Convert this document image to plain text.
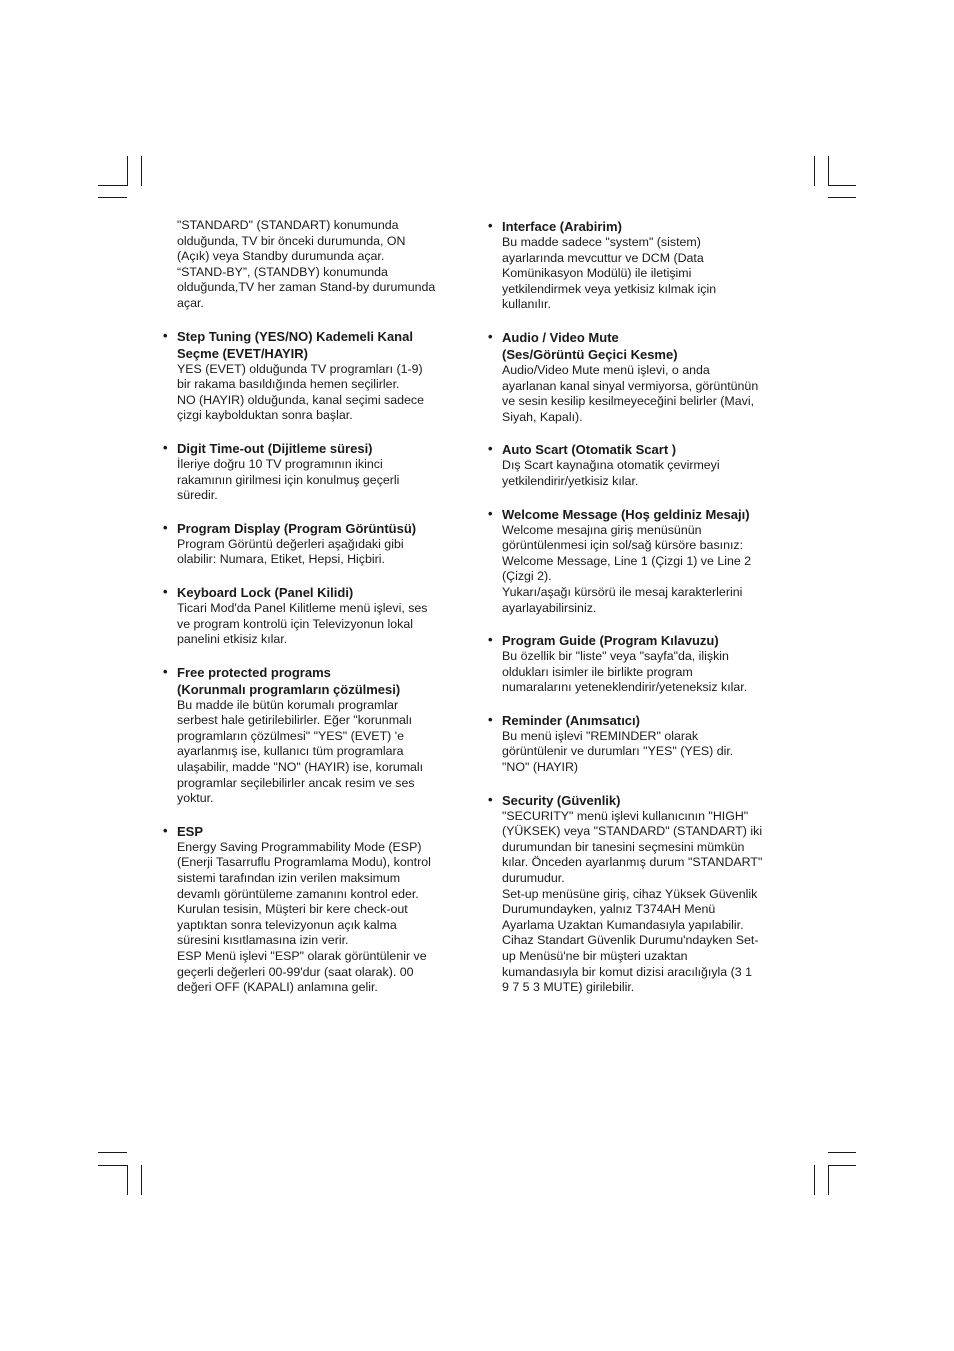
"STANDARD" (STANDART) konumunda
olduğunda, TV bir önceki durumunda, ON
(Açık) veya Standby durumunda açar.
“STAND-BY”, (STANDBY) konumunda
olduğunda,TV her zaman Stand-by durumunda
açar.
• Step Tuning (YES/NO) Kademeli Kanal
Seçme (EVET/HAYIR)
YES (EVET) olduğunda TV programları (1-9)
bir rakama basıldığında hemen seçilirler.
NO (HAYIR) olduğunda, kanal seçimi sadece
çizgi kaybolduktan sonra başlar.
• Digit Time-out (Dijitleme süresi)
İleriye doğru 10 TV programının ikinci
rakamının girilmesi için konulmuş geçerli
süredir.
• Program Display (Program Görüntüsü)
Program Görüntü değerleri aşağıdaki gibi
olabilir: Numara, Etiket, Hepsi, Hiçbiri.
• Keyboard Lock (Panel Kilidi)
Ticari Mod'da Panel Kilitleme menü işlevi, ses
ve program kontrolü için Televizyonun lokal
panelini etkisiz kılar.
• Free protected programs
(Korunmalı programların çözülmesi)
Bu madde ile bütün korumalı programlar
serbest hale getirilebilirler. Eğer "korunmalı
programların çözülmesi" "YES" (EVET) 'e
ayarlanmış ise, kullanıcı tüm programlara
ulaşabilir, madde "NO" (HAYIR) ise, korumalı
programlar seçilebilirler ancak resim ve ses
yoktur.
• ESP
Energy Saving Programmability Mode (ESP)
(Enerji Tasarruflu Programlama Modu), kontrol
sistemi tarafından izin verilen maksimum
devamlı görüntüleme zamanını kontrol eder.
Kurulan tesisin, Müşteri bir kere check-out
yaptıktan sonra televizyonun açık kalma
süresini kısıtlamasına izin verir.
ESP Menü işlevi "ESP" olarak görüntülenir ve
geçerli değerleri 00-99'dur (saat olarak). 00
değeri OFF (KAPALI) anlamına gelir.
• Interface (Arabirim)
Bu madde sadece "system" (sistem)
ayarlarında mevcuttur ve DCM (Data
Komünikasyon Modülü) ile iletişimi
yetkilendirmek veya yetkisiz kılmak için
kullanılır.
• Audio / Video Mute
(Ses/Görüntü Geçici Kesme)
Audio/Video Mute menü işlevi, o anda
ayarlanan kanal sinyal vermiyorsa, görüntünün
ve sesin kesilip kesilmeyeceğini belirler (Mavi,
Siyah, Kapalı).
• Auto Scart (Otomatik Scart )
Dış Scart kaynağına otomatik çevirmeyi
yetkilendirir/yetkisiz kılar.
• Welcome Message (Hoş geldiniz Mesajı)
Welcome mesajına giriş menüsünün
görüntülenmesi için sol/sağ kürsöre basınız:
Welcome Message, Line 1 (Çizgi 1) ve Line 2
(Çizgi 2).
Yukarı/aşağı kürsörü ile mesaj karakterlerini
ayarlayabilirsiniz.
• Program Guide (Program Kılavuzu)
Bu özellik bir "liste" veya "sayfa"da, ilişkin
oldukları isimler ile birlikte program
numaralarını yeteneklendirir/yeteneksiz kılar.
• Reminder (Anımsatıcı)
Bu menü işlevi "REMINDER" olarak
görüntülenir ve durumları "YES" (YES) dir.
"NO" (HAYIR)
• Security (Güvenlik)
"SECURITY" menü işlevi kullanıcının "HIGH"
(YÜKSEK) veya "STANDARD" (STANDART) iki
durumundan bir tanesini seçmesini mümkün
kılar. Önceden ayarlanmış durum "STANDART"
durumudur.
Set-up menüsüne giriş, cihaz Yüksek Güvenlik
Durumundayken, yalnız T374AH Menü
Ayarlama Uzaktan Kumandasıyla yapılabilir.
Cihaz Standart Güvenlik Durumu'ndayken Set-
up Menüsü'ne bir müşteri uzaktan
kumandasıyla bir komut dizisi aracılığıyla (3 1
9 7 5 3 MUTE) girilebilir.
